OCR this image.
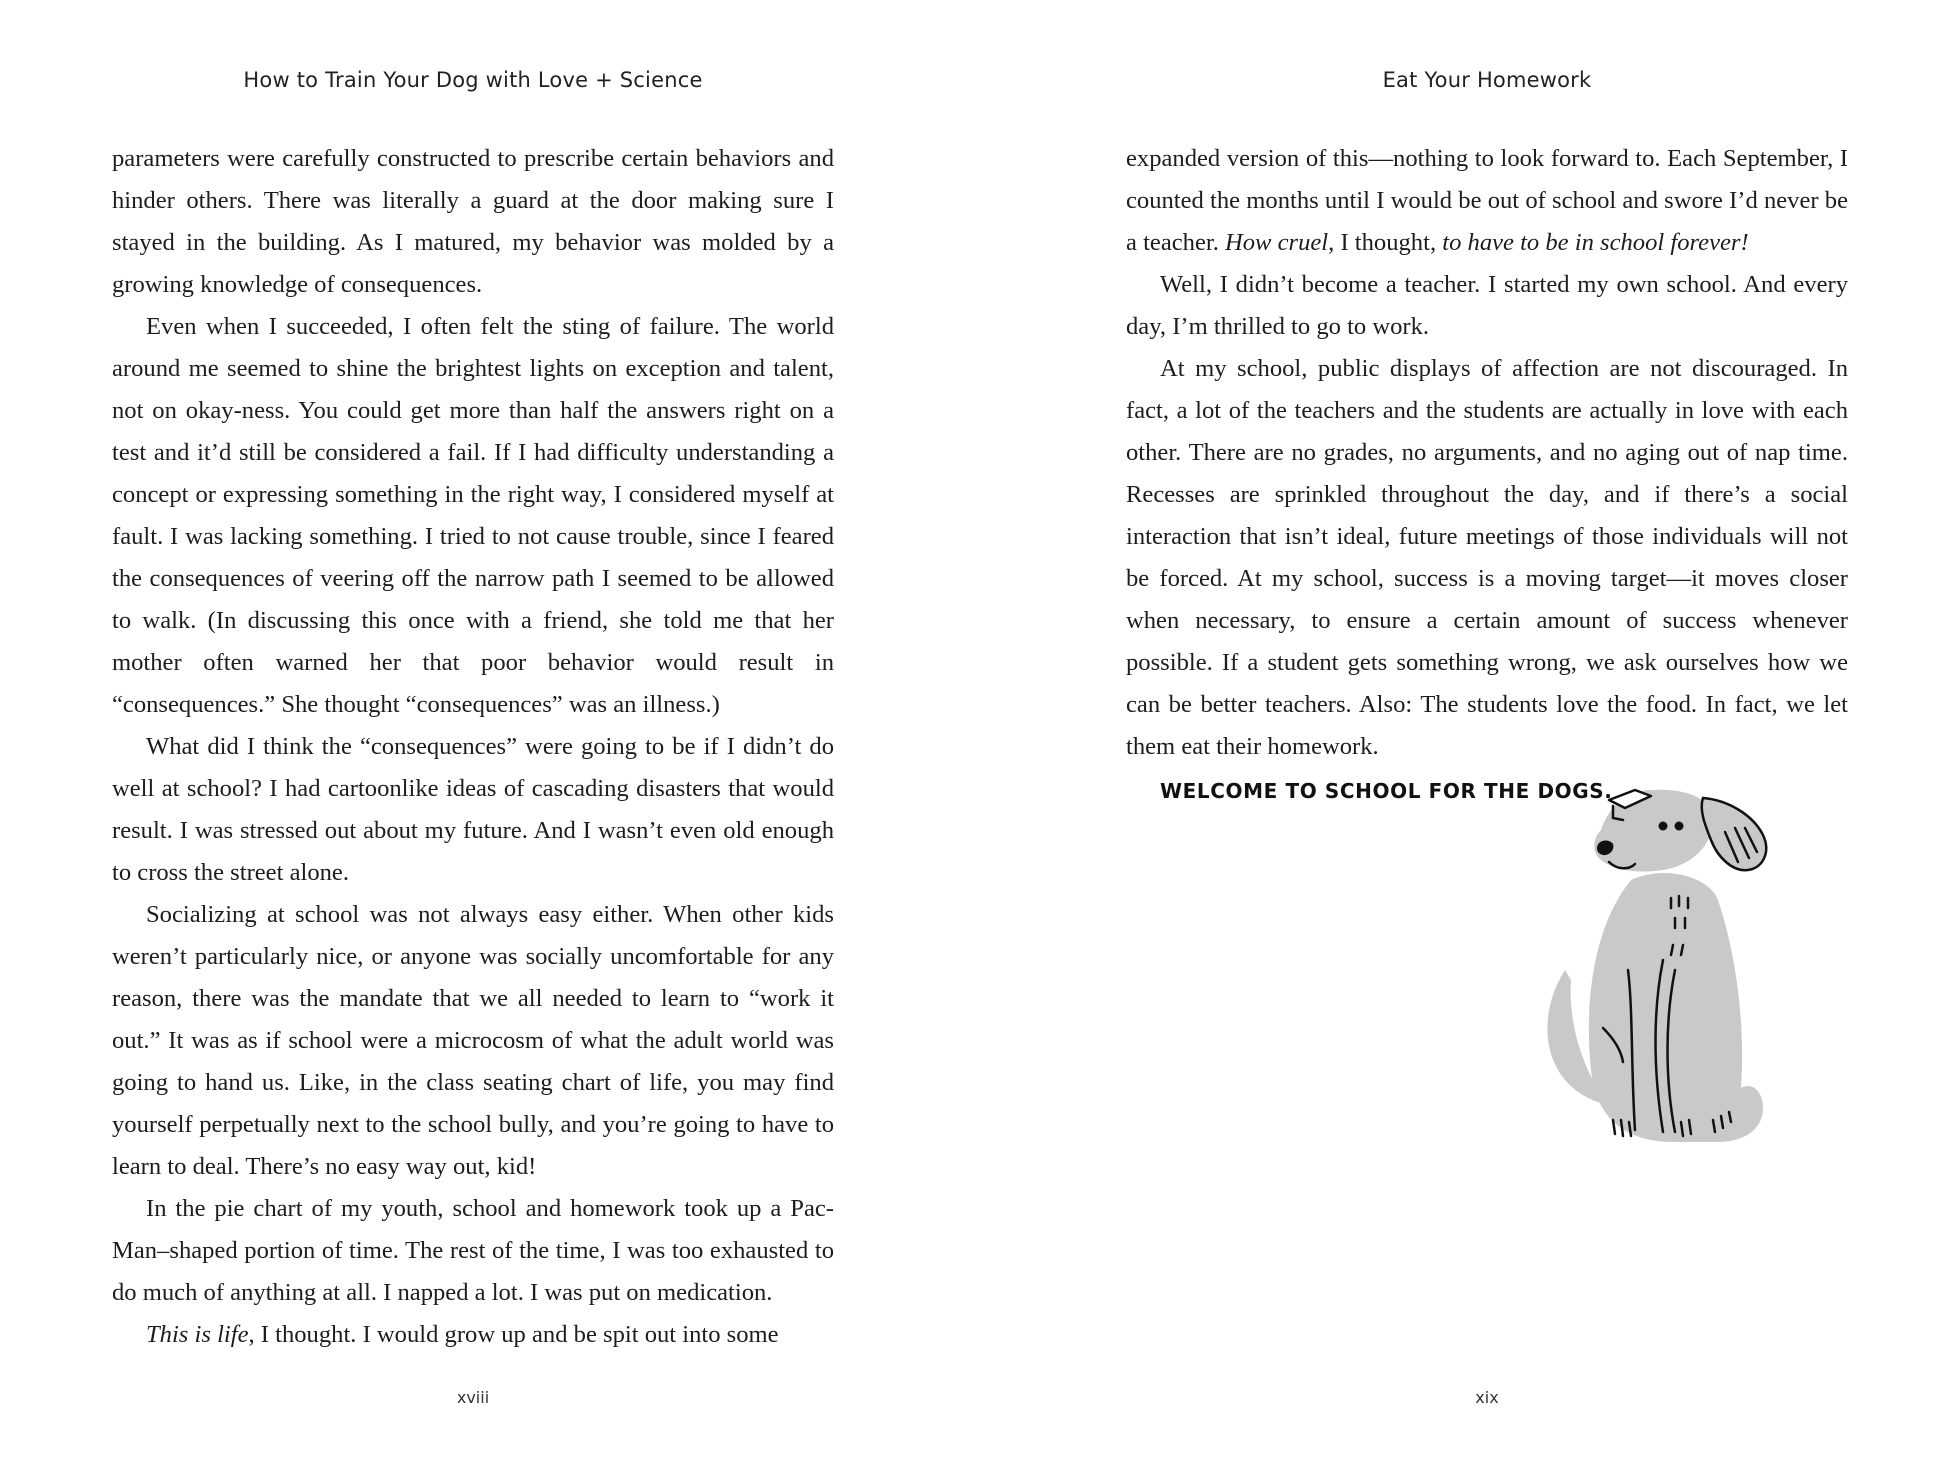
How to Train Your Dog with Love + Science

parameters were carefully constructed to prescribe certain behaviors and hinder others. There was literally a guard at the door making sure I stayed in the building. As I matured, my behavior was molded by a growing knowledge of consequences.

Even when I succeeded, I often felt the sting of failure. The world around me seemed to shine the brightest lights on exception and talent, not on okay-ness. You could get more than half the answers right on a test and it’d still be considered a fail. If I had difficulty understanding a concept or expressing something in the right way, I considered myself at fault. I was lacking something. I tried to not cause trouble, since I feared the consequences of veering off the narrow path I seemed to be allowed to walk. (In discussing this once with a friend, she told me that her mother often warned her that poor behavior would result in “consequences.” She thought “consequences” was an illness.)

What did I think the “consequences” were going to be if I didn’t do well at school? I had cartoonlike ideas of cascading disasters that would result. I was stressed out about my future. And I wasn’t even old enough to cross the street alone.

Socializing at school was not always easy either. When other kids weren’t particularly nice, or anyone was socially uncomfortable for any reason, there was the mandate that we all needed to learn to “work it out.” It was as if school were a microcosm of what the adult world was going to hand us. Like, in the class seating chart of life, you may find yourself perpetually next to the school bully, and you’re going to have to learn to deal. There’s no easy way out, kid!

In the pie chart of my youth, school and homework took up a Pac-Man–shaped portion of time. The rest of the time, I was too exhausted to do much of anything at all. I napped a lot. I was put on medication.

This is life, I thought. I would grow up and be spit out into some

xviii
Eat Your Homework

expanded version of this—nothing to look forward to. Each September, I counted the months until I would be out of school and swore I’d never be a teacher. How cruel, I thought, to have to be in school forever!

Well, I didn’t become a teacher. I started my own school. And every day, I’m thrilled to go to work.

At my school, public displays of affection are not discouraged. In fact, a lot of the teachers and the students are actually in love with each other. There are no grades, no arguments, and no aging out of nap time. Recesses are sprinkled throughout the day, and if there’s a social interaction that isn’t ideal, future meetings of those individuals will not be forced. At my school, success is a moving target—it moves closer when necessary, to ensure a certain amount of success whenever possible. If a student gets something wrong, we ask ourselves how we can be better teachers. Also: The students love the food. In fact, we let them eat their homework.

WELCOME TO SCHOOL FOR THE DOGS.
xix
